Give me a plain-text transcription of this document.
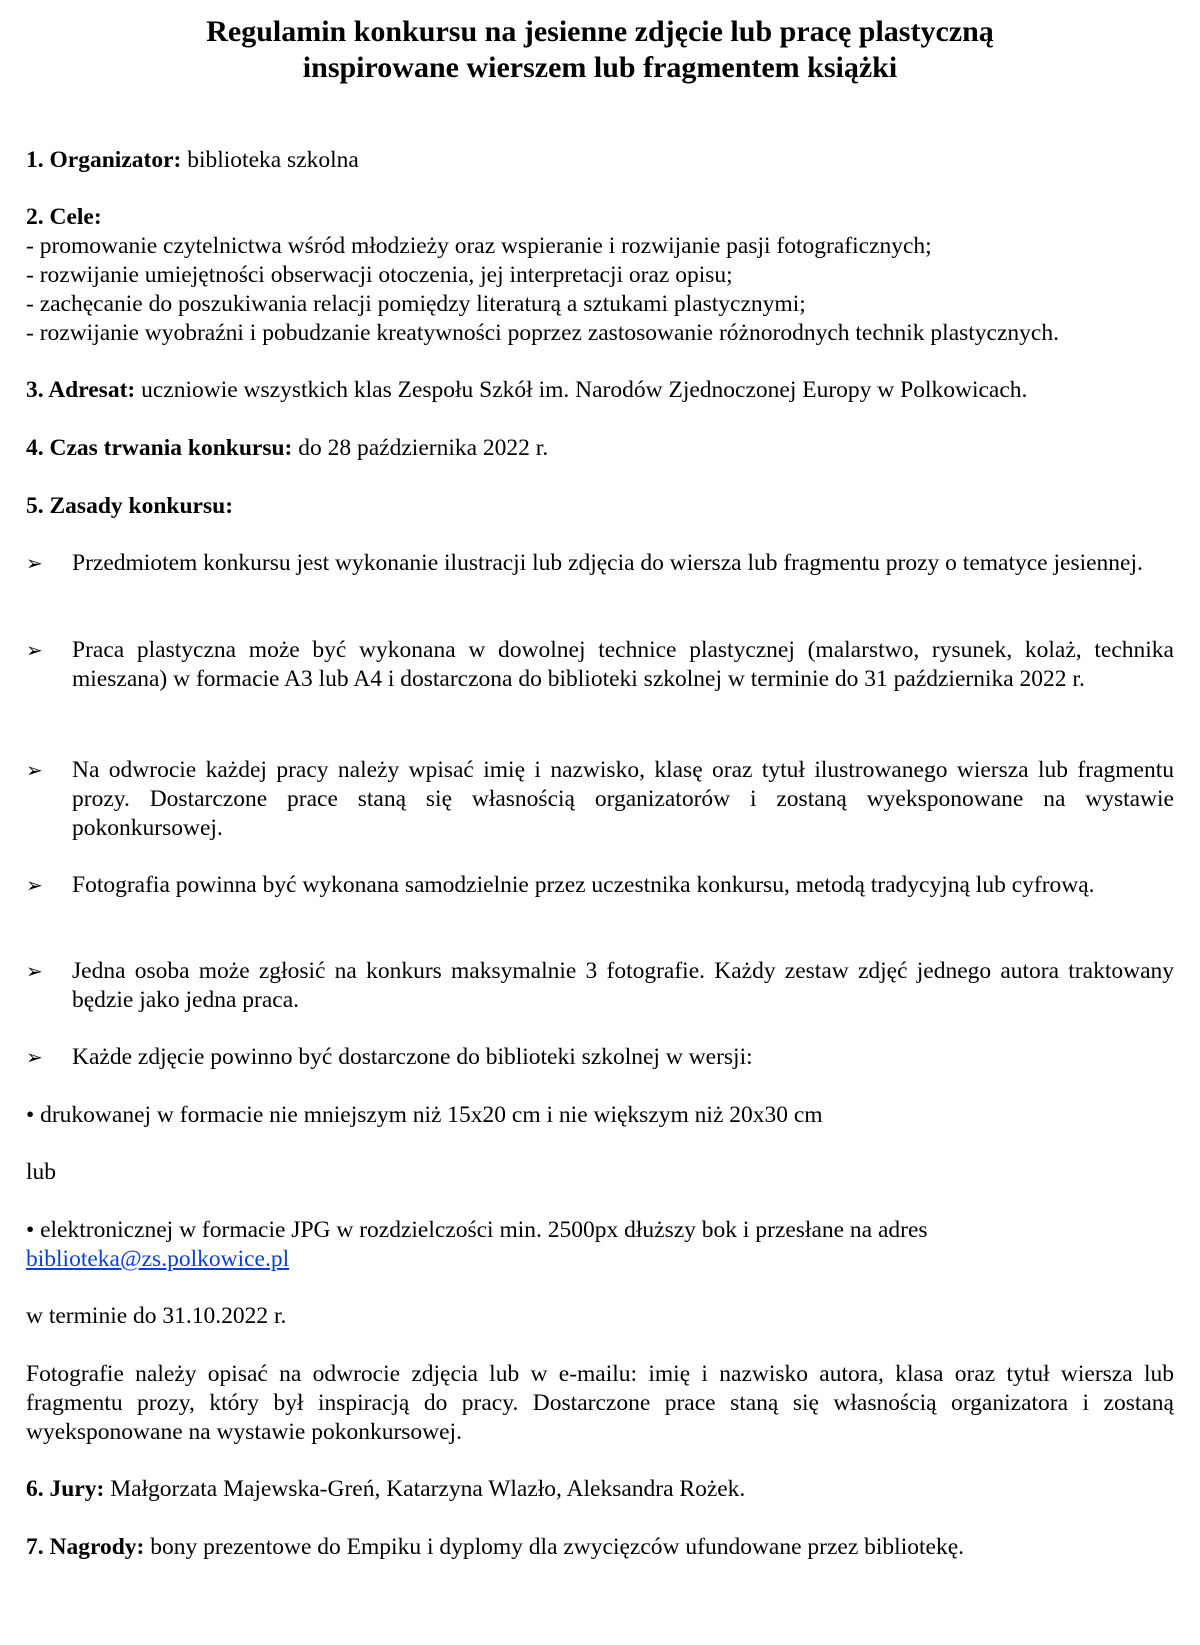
Regulamin konkursu na jesienne zdjęcie lub pracę plastyczną
inspirowane wierszem lub fragmentem książki
1. Organizator: biblioteka szkolna
2. Cele:
- promowanie czytelnictwa wśród młodzieży oraz wspieranie i rozwijanie pasji fotograficznych;
- rozwijanie umiejętności obserwacji otoczenia, jej interpretacji oraz opisu;
- zachęcanie do poszukiwania relacji pomiędzy literaturą a sztukami plastycznymi;
- rozwijanie wyobraźni i pobudzanie kreatywności poprzez zastosowanie różnorodnych technik plastycznych.
3. Adresat: uczniowie wszystkich klas Zespołu Szkół im. Narodów Zjednoczonej Europy w Polkowicach.
4. Czas trwania konkursu: do 28 października 2022 r.
5. Zasady konkursu:
➢ Przedmiotem konkursu jest wykonanie ilustracji lub zdjęcia do wiersza lub fragmentu prozy o tematyce jesiennej.
➢ Praca plastyczna może być wykonana w dowolnej technice plastycznej (malarstwo, rysunek, kolaż, technika mieszana) w formacie A3 lub A4 i dostarczona do biblioteki szkolnej w terminie do 31 października 2022 r.
➢ Na odwrocie każdej pracy należy wpisać imię i nazwisko, klasę oraz tytuł ilustrowanego wiersza lub fragmentu prozy. Dostarczone prace staną się własnością organizatorów i zostaną wyeksponowane na wystawie pokonkursowej.
➢ Fotografia powinna być wykonana samodzielnie przez uczestnika konkursu, metodą tradycyjną lub cyfrową.
➢ Jedna osoba może zgłosić na konkurs maksymalnie 3 fotografie. Każdy zestaw zdjęć jednego autora traktowany będzie jako jedna praca.
➢ Każde zdjęcie powinno być dostarczone do biblioteki szkolnej w wersji:
• drukowanej w formacie nie mniejszym niż 15x20 cm i nie większym niż 20x30 cm
lub
• elektronicznej w formacie JPG w rozdzielczości min. 2500px dłuższy bok i przesłane na adres
biblioteka@zs.polkowice.pl
w terminie do 31.10.2022 r.
Fotografie należy opisać na odwrocie zdjęcia lub w e-mailu: imię i nazwisko autora, klasa oraz tytuł wiersza lub fragmentu prozy, który był inspiracją do pracy. Dostarczone prace staną się własnością organizatora i zostaną wyeksponowane na wystawie pokonkursowej.
6. Jury: Małgorzata Majewska-Greń, Katarzyna Wlazło, Aleksandra Rożek.
7. Nagrody: bony prezentowe do Empiku i dyplomy dla zwycięzców ufundowane przez bibliotekę.
